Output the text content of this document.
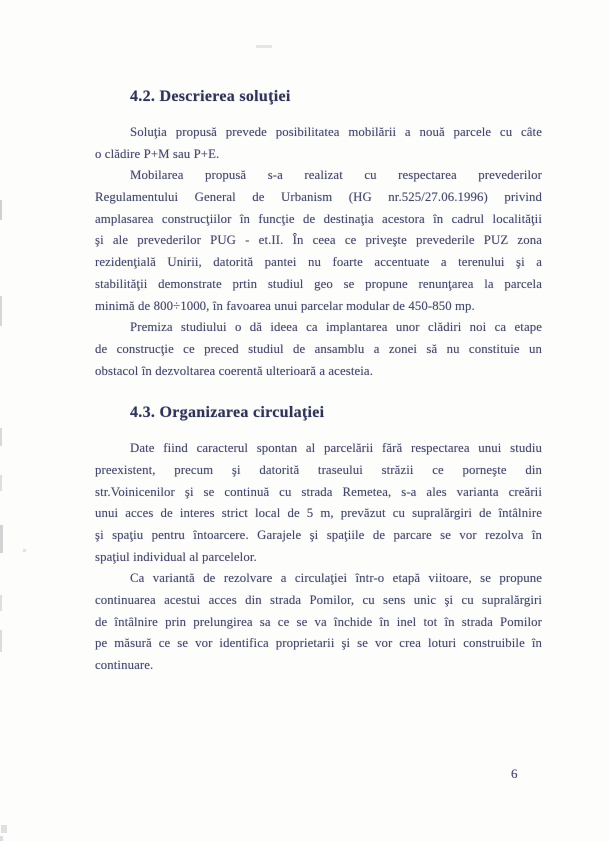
4.2. Descrierea soluţiei
Soluţia propusă prevede posibilitatea mobilării a nouă parcele cu câte
o clădire P+M sau P+E.
Mobilarea propusă s-a realizat cu respectarea prevederilor
Regulamentului General de Urbanism (HG nr.525/27.06.1996) privind
amplasarea construcţiilor în funcţie de destinaţia acestora în cadrul localităţii
şi ale prevederilor PUG - et.II. În ceea ce priveşte prevederile PUZ zona
rezidenţială Unirii, datorită pantei nu foarte accentuate a terenului şi a
stabilităţii demonstrate prtin studiul geo se propune renunţarea la parcela
minimă de 800÷1000, în favoarea unui parcelar modular de 450-850 mp.
Premiza studiului o dă ideea ca implantarea unor clădiri noi ca etape
de construcţie ce preced studiul de ansamblu a zonei să nu constituie un
obstacol în dezvoltarea coerentă ulterioară a acesteia.
4.3. Organizarea circulaţiei
Date fiind caracterul spontan al parcelării fără respectarea unui studiu
preexistent, precum şi datorită traseului străzii ce porneşte din
str.Voinicenilor şi se continuă cu strada Remetea, s-a ales varianta creării
unui acces de interes strict local de 5 m, prevăzut cu supralărgiri de întâlnire
şi spaţiu pentru întoarcere. Garajele şi spaţiile de parcare se vor rezolva în
spaţiul individual al parcelelor.
Ca variantă de rezolvare a circulaţiei într-o etapă viitoare, se propune
continuarea acestui acces din strada Pomilor, cu sens unic şi cu supralărgiri
de întâlnire prin prelungirea sa ce se va închide în inel tot în strada Pomilor
pe măsură ce se vor identifica proprietarii şi se vor crea loturi construibile în
continuare.
6
